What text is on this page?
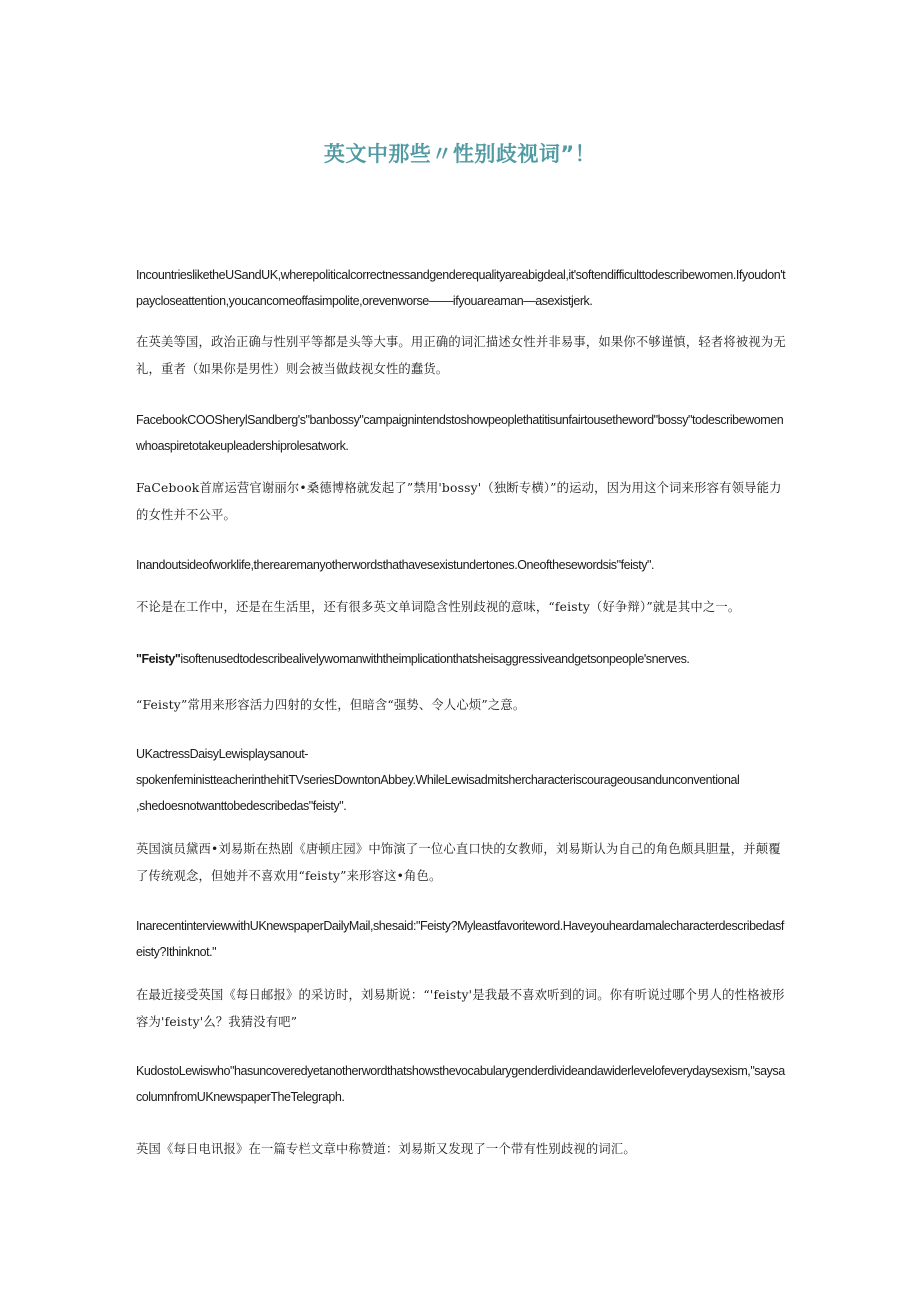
英文中那些〃性别歧视词”！

IncountriesliketheUSandUK,wherepoliticalcorrectnessandgenderequalityareabigdeal,it'softendifficulttodescribewomen.Ifyoudon'tpaycloseattention,youcancomeoffasimpolite,orevenworse——ifyouareaman—asexistjerk.

在英美等国，政治正确与性别平等都是头等大事。用正确的词汇描述女性并非易事，如果你不够谨慎，轻者将被视为无礼，重者（如果你是男性）则会被当做歧视女性的蠢货。

FacebookCOOSherylSandberg's"banbossy"campaignintendstoshowpeoplethatitisunfairtousetheword"bossy"todescribewomenwhoaspiretotakeupleadershiprolesatwork.

FaCebook首席运营官谢丽尔•桑德博格就发起了”禁用'bossy'（独断专横）”的运动，因为用这个词来形容有领导能力的女性并不公平。

Inandoutsideofworklife,therearemanyotherwordsthathavesexistundertones.Oneofthesewordsis"feisty".

不论是在工作中，还是在生活里，还有很多英文单词隐含性别歧视的意味，“feisty（好争辩）”就是其中之一。

"Feisty"isoftenusedtodescribealivelywomanwiththeimplicationthatsheisaggressiveandgetsonpeople'snerves.

“Feisty”常用来形容活力四射的女性，但暗含“强势、令人心烦”之意。

UKactressDaisyLewisplaysanout-
spokenfeministteacherinthehitTVseriesDowntonAbbey.WhileLewisadmitshercharacteriscourageousandunconventional
,shedoesnotwanttobedescribedas"feisty".

英国演员黛西•刘易斯在热剧《唐顿庄园》中饰演了一位心直口快的女教师，刘易斯认为自己的角色颇具胆量，并颠覆了传统观念，但她并不喜欢用“feisty”来形容这•角色。

InarecentinterviewwithUKnewspaperDailyMail,shesaid:"Feisty?Myleastfavoriteword.Haveyouheardamalecharacterdescribedasfeisty?Ithinknot."

在最近接受英国《每日邮报》的采访时，刘易斯说：“'feisty'是我最不喜欢听到的词。你有听说过哪个男人的性格被形容为'feisty'么？我猜没有吧”

KudostoLewiswho"hasuncoveredyetanotherwordthatshowsthevocabularygenderdivideandawiderlevelofeverydaysexism,"saysacolumnfromUKnewspaperTheTelegraph.

英国《每日电讯报》在一篇专栏文章中称赞道：刘易斯又发现了一个带有性别歧视的词汇。
